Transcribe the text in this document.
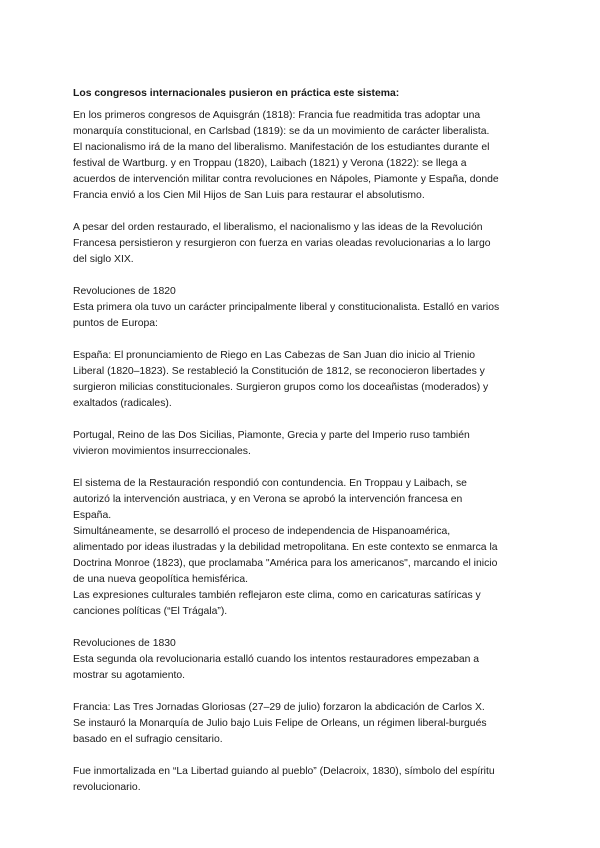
Los congresos internacionales pusieron en práctica este sistema:
En los primeros congresos de Aquisgrán (1818): Francia fue readmitida tras adoptar una
monarquía constitucional, en Carlsbad (1819): se da un movimiento de carácter liberalista.
El nacionalismo irá de la mano del liberalismo. Manifestación de los estudiantes durante el
festival de Wartburg. y en Troppau (1820), Laibach (1821) y Verona (1822): se llega a
acuerdos de intervención militar contra revoluciones en Nápoles, Piamonte y España, donde
Francia envió a los Cien Mil Hijos de San Luis para restaurar el absolutismo.
A pesar del orden restaurado, el liberalismo, el nacionalismo y las ideas de la Revolución
Francesa persistieron y resurgieron con fuerza en varias oleadas revolucionarias a lo largo
del siglo XIX.
Revoluciones de 1820
Esta primera ola tuvo un carácter principalmente liberal y constitucionalista. Estalló en varios
puntos de Europa:
España: El pronunciamiento de Riego en Las Cabezas de San Juan dio inicio al Trienio
Liberal (1820–1823). Se restableció la Constitución de 1812, se reconocieron libertades y
surgieron milicias constitucionales. Surgieron grupos como los doceañistas (moderados) y
exaltados (radicales).
Portugal, Reino de las Dos Sicilias, Piamonte, Grecia y parte del Imperio ruso también
vivieron movimientos insurreccionales.
El sistema de la Restauración respondió con contundencia. En Troppau y Laibach, se
autorizó la intervención austriaca, y en Verona se aprobó la intervención francesa en
España.
Simultáneamente, se desarrolló el proceso de independencia de Hispanoamérica,
alimentado por ideas ilustradas y la debilidad metropolitana. En este contexto se enmarca la
Doctrina Monroe (1823), que proclamaba "América para los americanos", marcando el inicio
de una nueva geopolítica hemisférica.
Las expresiones culturales también reflejaron este clima, como en caricaturas satíricas y
canciones políticas (“El Trágala”).
Revoluciones de 1830
Esta segunda ola revolucionaria estalló cuando los intentos restauradores empezaban a
mostrar su agotamiento.
Francia: Las Tres Jornadas Gloriosas (27–29 de julio) forzaron la abdicación de Carlos X.
Se instauró la Monarquía de Julio bajo Luis Felipe de Orleans, un régimen liberal-burgués
basado en el sufragio censitario.
Fue inmortalizada en “La Libertad guiando al pueblo” (Delacroix, 1830), símbolo del espíritu
revolucionario.
